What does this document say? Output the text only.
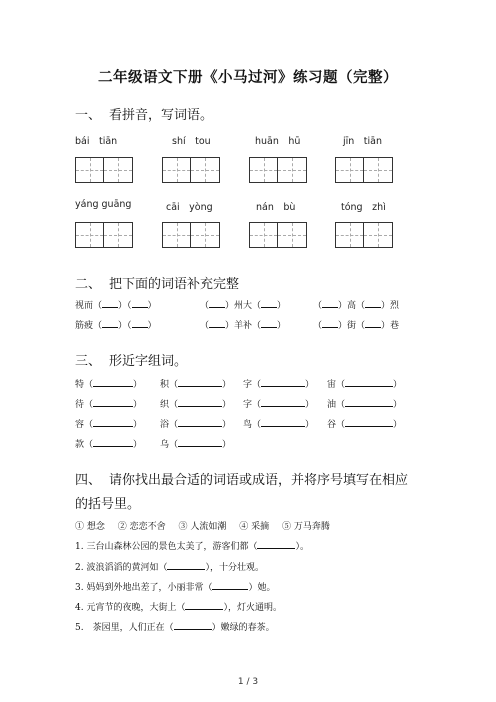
二年级语文下册《小马过河》练习题（完整）
一、 看拼音，写词语。
bái　tiān	shí　tou	huān　hū	jīn　tiān
yáng guāng	cāi　yòng	nán　bù	tóng　zhì
二、 把下面的词语补充完整
视而（ ）（ ）	（ ）州大（ ）	（ ）高（ ）烈
筋疲（ ）（ ）	（ ）羊补（ ）	（ ）街（ ）巷
三、 形近字组词。
特（	） 积（	） 字（	） 宙（	）
待（	） 织（	） 字（	） 油（	）
容（	） 浴（	） 鸟（	） 谷（	）
款（	） 乌（	）
四、 请你找出最合适的词语或成语，并将序号填写在相应
的括号里。
① 想念 ② 恋恋不舍 ③ 人流如潮 ④ 采摘 ⑤ 万马奔腾
1. 三台山森林公园的景色太美了，游客们都（	）。
2. 波浪滔滔的黄河如（	），十分壮观。
3. 妈妈到外地出差了，小丽非常（	）她。
4. 元宵节的夜晚，大街上（	），灯火通明。
5.　茶园里，人们正在（	）嫩绿的春茶。
1 / 3
